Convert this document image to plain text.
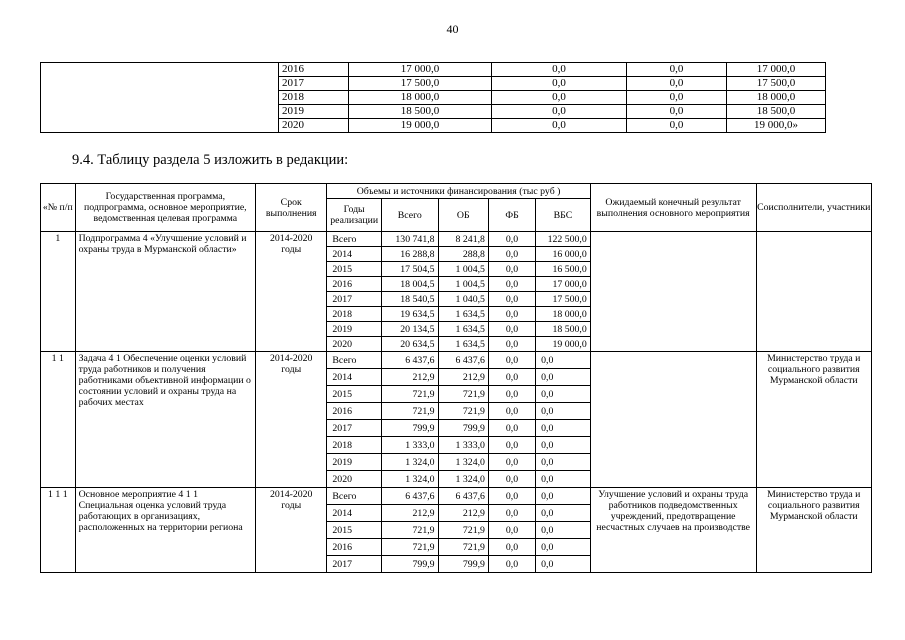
40
	2016	17 000,0	0,0	0,0	17 000,0
	2017	17 500,0	0,0	0,0	17 500,0
	2018	18 000,0	0,0	0,0	18 000,0
	2019	18 500,0	0,0	0,0	18 500,0
	2020	19 000,0	0,0	0,0	19 000,0»
9.4. Таблицу раздела 5 изложить в редакции:
«№ п/п	Государственная программа, подпрограмма, основное мероприятие, ведомственная целевая программа	Срок выполнения	Объемы и источники финансирования (тыс руб )					Ожидаемый конечный результат выполнения основного мероприятия	Соисполнители, участники
			Годы реализации	Всего	ОБ	ФБ	ВБС		
1	Подпрограмма 4 «Улучшение условий и охраны труда в Мурманской области»	2014-2020 годы	Всего	130 741,8	8 241,8	0,0	122 500,0		
			2014	16 288,8	288,8	0,0	16 000,0		
			2015	17 504,5	1 004,5	0,0	16 500,0		
			2016	18 004,5	1 004,5	0,0	17 000,0		
			2017	18 540,5	1 040,5	0,0	17 500,0		
			2018	19 634,5	1 634,5	0,0	18 000,0		
			2019	20 134,5	1 634,5	0,0	18 500,0		
			2020	20 634,5	1 634,5	0,0	19 000,0		
1 1	Задача 4 1 Обеспечение оценки условий труда работников и получения работниками объективной информации о состоянии условий и охраны труда на рабочих местах	2014-2020 годы	Всего	6 437,6	6 437,6	0,0	0,0		Министерство труда и социального развития Мурманской области
			2014	212,9	212,9	0,0	0,0		
			2015	721,9	721,9	0,0	0,0		
			2016	721,9	721,9	0,0	0,0		
			2017	799,9	799,9	0,0	0,0		
			2018	1 333,0	1 333,0	0,0	0,0		
			2019	1 324,0	1 324,0	0,0	0,0		
			2020	1 324,0	1 324,0	0,0	0,0		
1 1 1	Основное мероприятие 4 1 1 Специальная оценка условий труда работающих в организациях, расположенных на территории региона	2014-2020 годы	Всего	6 437,6	6 437,6	0,0	0,0	Улучшение условий и охраны труда работников подведомственных учреждений, предотвращение несчастных случаев на производстве	Министерство труда и социального развития Мурманской области
			2014	212,9	212,9	0,0	0,0		
			2015	721,9	721,9	0,0	0,0		
			2016	721,9	721,9	0,0	0,0		
			2017	799,9	799,9	0,0	0,0		
